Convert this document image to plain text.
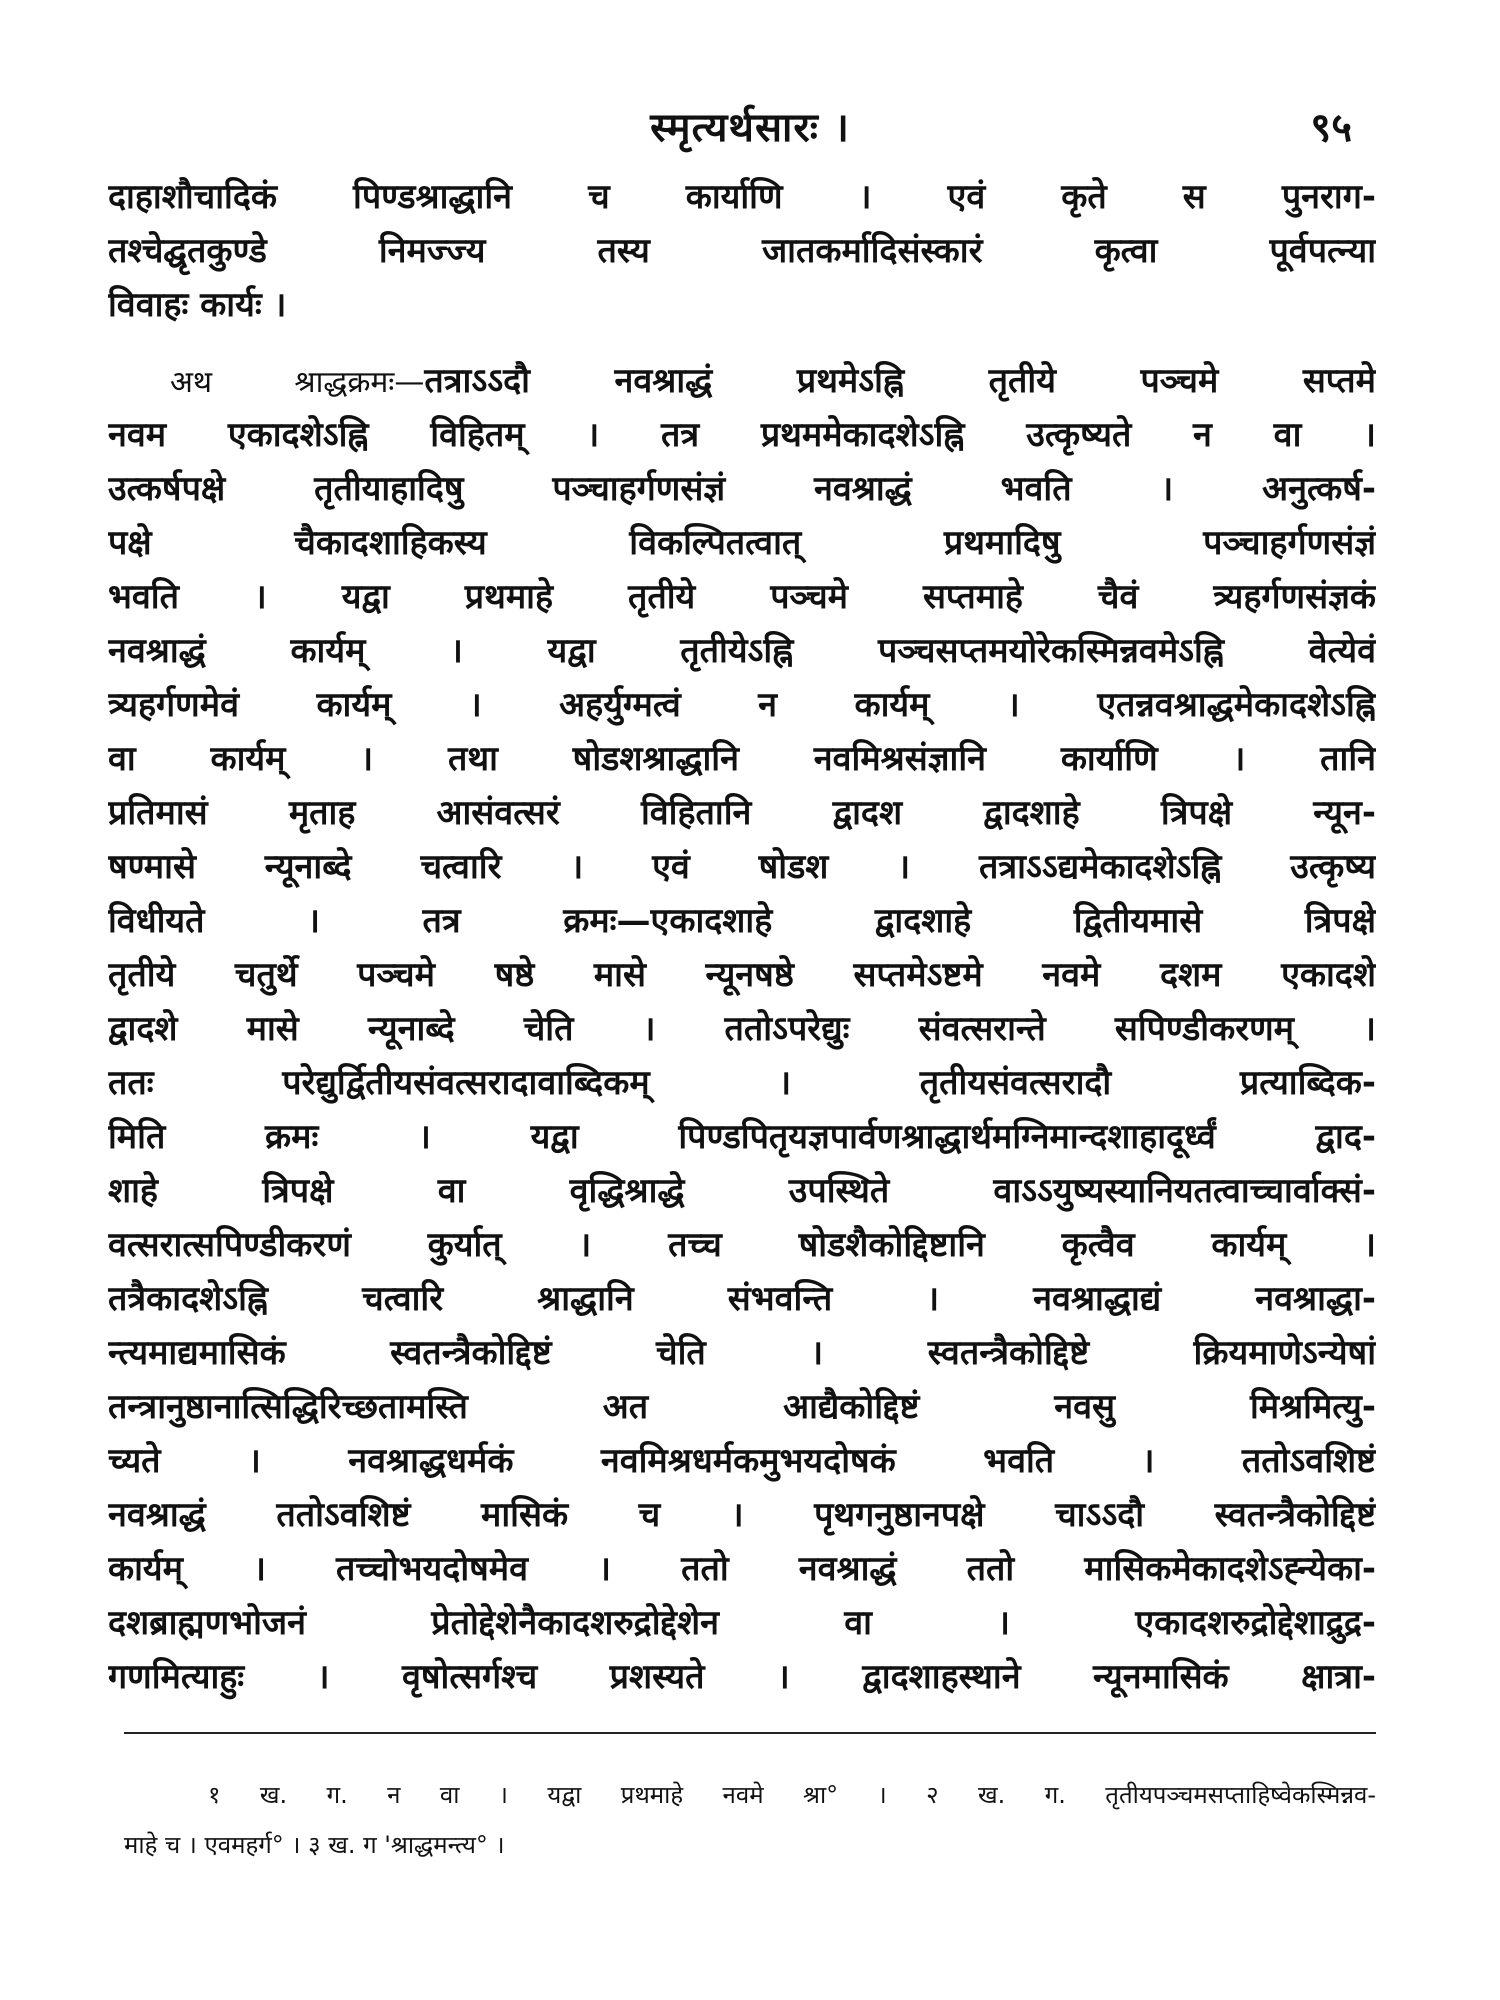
स्मृत्यर्थसारः ।	९५
दाहाशौचादिकं पिण्डश्राद्धानि च कार्याणि । एवं कृते स पुनराग-
तश्चेद्घृतकुण्डे निमज्ज्य तस्य जातकर्मादिसंस्कारं कृत्वा पूर्वपत्न्या
विवाहः कार्यः ।
अथ श्राद्धक्रमः—तत्राऽऽदौ नवश्राद्धं प्रथमेऽह्नि तृतीये पञ्चमे सप्तमे
नवम एकादशेऽह्नि विहितम् । तत्र प्रथममेकादशेऽह्नि उत्कृष्यते न वा ।
उत्कर्षपक्षे तृतीयाहादिषु पञ्चाहर्गणसंज्ञं नवश्राद्धं भवति । अनुत्कर्ष-
पक्षे चैकादशाहिकस्य विकल्पितत्वात् प्रथमादिषु पञ्चाहर्गणसंज्ञं
भवति । यद्वा प्रथमाहे तृतीये पञ्चमे सप्तमाहे चैवं त्र्यहर्गणसंज्ञकं
नवश्राद्धं कार्यम् । यद्वा तृतीयेऽह्नि पञ्चसप्तमयोरेकस्मिन्नवमेऽह्नि वेत्येवं
त्र्यहर्गणमेवं कार्यम् । अहर्युग्मत्वं न कार्यम् । एतन्नवश्राद्धमेकादशेऽह्नि
वा कार्यम् । तथा षोडशश्राद्धानि नवमिश्रसंज्ञानि कार्याणि । तानि
प्रतिमासं मृताह आसंवत्सरं विहितानि द्वादश द्वादशाहे त्रिपक्षे न्यून-
षण्मासे न्यूनाब्दे चत्वारि । एवं षोडश । तत्राऽऽद्यमेकादशेऽह्नि उत्कृष्य
विधीयते । तत्र क्रमः—एकादशाहे द्वादशाहे द्वितीयमासे त्रिपक्षे
तृतीये चतुर्थे पञ्चमे षष्ठे मासे न्यूनषष्ठे सप्तमेऽष्टमे नवमे दशम एकादशे
द्वादशे मासे न्यूनाब्दे चेति । ततोऽपरेद्युः संवत्सरान्ते सपिण्डीकरणम् ।
ततः परेद्युर्द्वितीयसंवत्सरादावाब्दिकम् । तृतीयसंवत्सरादौ प्रत्याब्दिक-
मिति क्रमः । यद्वा पिण्डपितृयज्ञपार्वणश्राद्धार्थमग्निमान्दशाहादूर्ध्वं द्वाद-
शाहे त्रिपक्षे वा वृद्धिश्राद्धे उपस्थिते वाऽऽयुष्यस्यानियतत्वाच्चार्वाक्सं-
वत्सरात्सपिण्डीकरणं कुर्यात् । तच्च षोडशैकोद्दिष्टानि कृत्वैव कार्यम् ।
तत्रैकादशेऽह्नि चत्वारि श्राद्धानि संभवन्ति । नवश्राद्धाद्यं नवश्राद्धा-
न्त्यमाद्यमासिकं स्वतन्त्रैकोद्दिष्टं चेति । स्वतन्त्रैकोद्दिष्टे क्रियमाणेऽन्येषां
तन्त्रानुष्ठानात्सिद्धिरिच्छतामस्ति अत आद्यैकोद्दिष्टं नवसु मिश्रमित्यु-
च्यते । नवश्राद्धधर्मकं नवमिश्रधर्मकमुभयदोषकं भवति । ततोऽवशिष्टं
नवश्राद्धं ततोऽवशिष्टं मासिकं च । पृथगनुष्ठानपक्षे चाऽऽदौ स्वतन्त्रैकोद्दिष्टं
कार्यम् । तच्चोभयदोषमेव । ततो नवश्राद्धं ततो मासिकमेकादशेऽह्न्येका-
दशब्राह्मणभोजनं प्रेतोद्देशेनैकादशरुद्रोद्देशेन वा । एकादशरुद्रोद्देशाद्रुद्र-
गणमित्याहुः । वृषोत्सर्गश्च प्रशस्यते । द्वादशाहस्थाने न्यूनमासिकं क्षात्रा-
१ ख. ग. न वा । यद्वा प्रथमाहे नवमे श्रा° । २ ख. ग. तृतीयपञ्चमसप्ताहिष्वेकस्मिन्नव-
माहे च । एवमहर्ग° । ३ ख. ग 'श्राद्धमन्त्य° ।
